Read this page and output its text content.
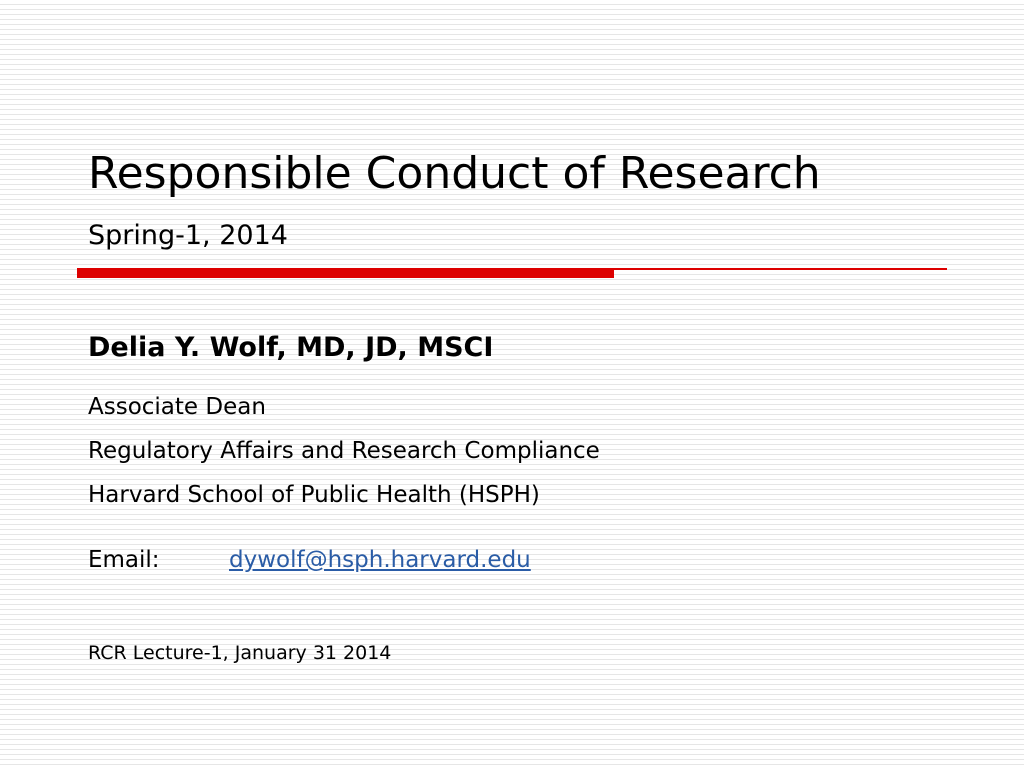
Responsible Conduct of Research
Spring-1, 2014
Delia Y. Wolf, MD, JD, MSCI
Associate Dean
Regulatory Affairs and Research Compliance
Harvard School of Public Health (HSPH)
Email:	dywolf@hsph.harvard.edu
RCR Lecture-1, January 31 2014
